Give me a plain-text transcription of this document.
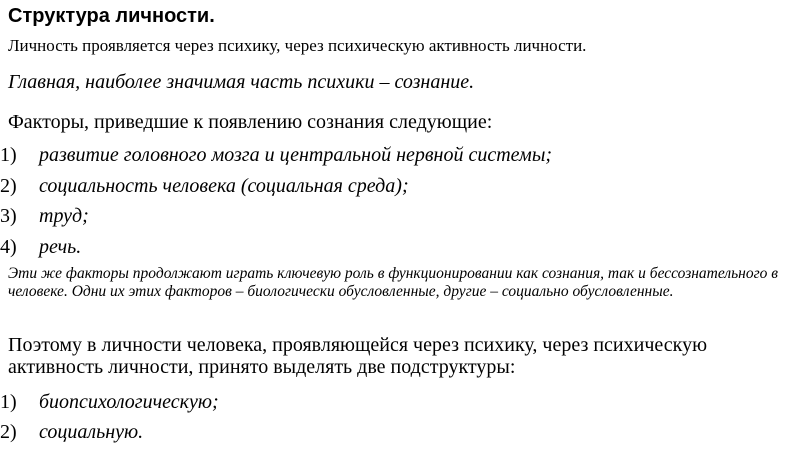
Структура личности.
Личность проявляется через психику, через психическую активность личности.
Главная, наиболее значимая часть психики – сознание.
Факторы, приведшие к появлению сознания следующие:
1)	развитие головного мозга и центральной нервной системы;
2)	социальность человека (социальная среда);
3)	труд;
4)	речь.
Эти же факторы продолжают играть ключевую роль в функционировании как сознания, так и бессознательного в человеке. Одни их этих факторов – биологически обусловленные, другие – социально обусловленные.
Поэтому в личности человека, проявляющейся через психику, через психическую активность личности, принято выделять две подструктуры:
1)	биопсихологическую;
2)	социальную.
